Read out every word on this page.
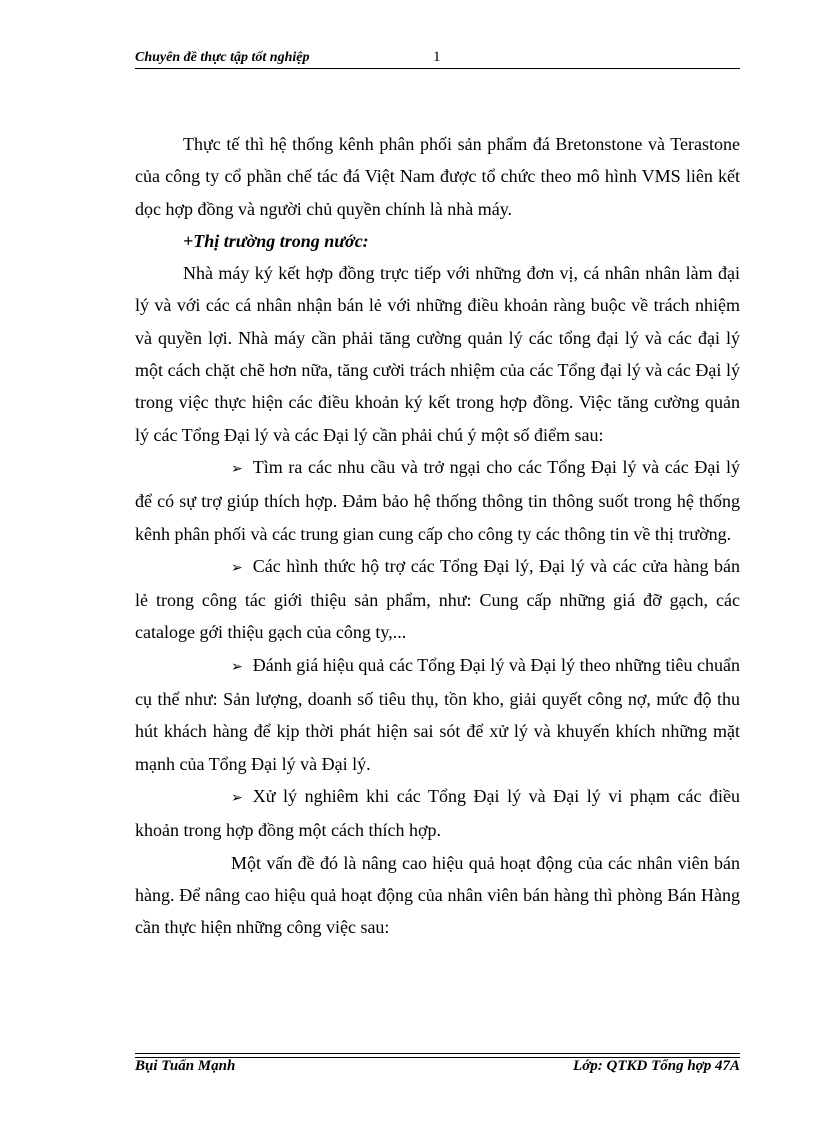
Chuyên đề thực tập tốt nghiệp	1

Thực tế thì hệ thống kênh phân phối sản phẩm đá Bretonstone và Terastone của công ty cổ phần chế tác đá Việt Nam được tổ chức theo mô hình VMS liên kết dọc hợp đồng và người chủ quyền chính là nhà máy.

+Thị trường trong nước:

Nhà máy ký kết hợp đồng trực tiếp với những đơn vị, cá nhân nhân làm đại lý và với các cá nhân nhận bán lẻ với những điều khoản ràng buộc về trách nhiệm và quyền lợi. Nhà máy cần phải tăng cường quản lý các tổng đại lý và các đại lý một cách chặt chẽ hơn nữa, tăng cười trách nhiệm của các Tổng đại lý và các Đại lý trong việc thực hiện các điều khoản ký kết trong hợp đồng. Việc tăng cường quản lý các Tổng Đại lý và các Đại lý cần phải chú ý một số điểm sau:

➢ Tìm ra các nhu cầu và trở ngại cho các Tổng Đại lý và các Đại lý để có sự trợ giúp thích hợp. Đảm bảo hệ thống thông tin thông suốt trong hệ thống kênh phân phối và các trung gian cung cấp cho công ty các thông tin về thị trường.

➢ Các hình thức hộ trợ các Tổng Đại lý, Đại lý và các cửa hàng bán lẻ trong công tác giới thiệu sản phẩm, như: Cung cấp những giá đỡ gạch, các cataloge gới thiệu gạch của công ty,...

➢ Đánh giá hiệu quả các Tổng Đại lý và Đại lý theo những tiêu chuẩn cụ thể như: Sản lượng, doanh số tiêu thụ, tồn kho, giải quyết công nợ, mức độ thu hút khách hàng để kịp thời phát hiện sai sót để xử lý và khuyến khích những mặt mạnh của Tổng Đại lý và Đại lý.

➢ Xử lý nghiêm khi các Tổng Đại lý và Đại lý vi phạm các điều khoản trong hợp đồng một cách thích hợp.

Một vấn đề đó là nâng cao hiệu quả hoạt động của các nhân viên bán hàng. Để nâng cao hiệu quả hoạt động của nhân viên bán hàng thì phòng Bán Hàng cần thực hiện những công việc sau:

Bụi Tuấn Mạnh	Lớp: QTKD Tổng hợp 47A
